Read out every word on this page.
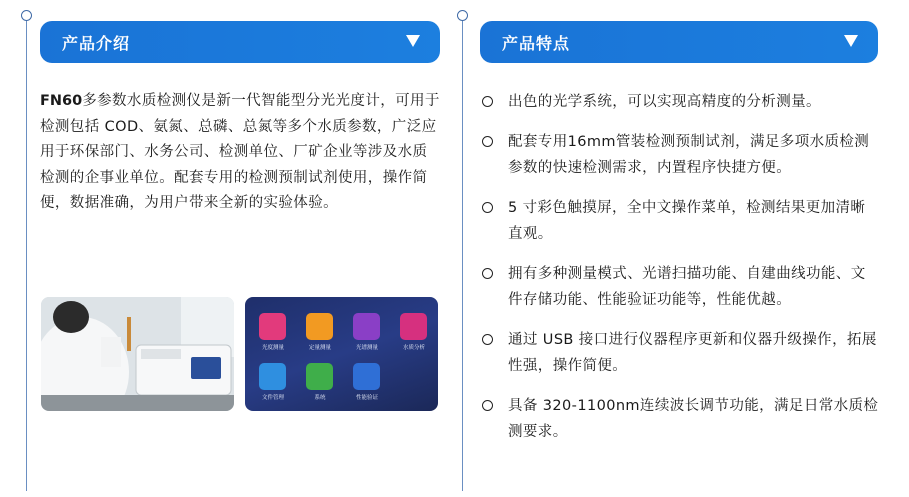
产品介绍
FN60多参数水质检测仪是新一代智能型分光光度计，可用于检测包括 COD、氨氮、总磷、总氮等多个水质参数，广泛应用于环保部门、水务公司、检测单位、厂矿企业等涉及水质检测的企事业单位。配套专用的检测预制试剂使用，操作简便，数据准确，为用户带来全新的实验体验。
光度测量	定量测量	光谱测量	水质分析
文件管理	系统	性能验证
产品特点
出色的光学系统，可以实现高精度的分析测量。
配套专用16mm管装检测预制试剂，满足多项水质检测参数的快速检测需求，内置程序快捷方便。
5 寸彩色触摸屏，全中文操作菜单，检测结果更加清晰直观。
拥有多种测量模式、光谱扫描功能、自建曲线功能、文件存储功能、性能验证功能等，性能优越。
通过 USB 接口进行仪器程序更新和仪器升级操作，拓展性强，操作简便。
具备 320-1100nm连续波长调节功能，满足日常水质检测要求。
